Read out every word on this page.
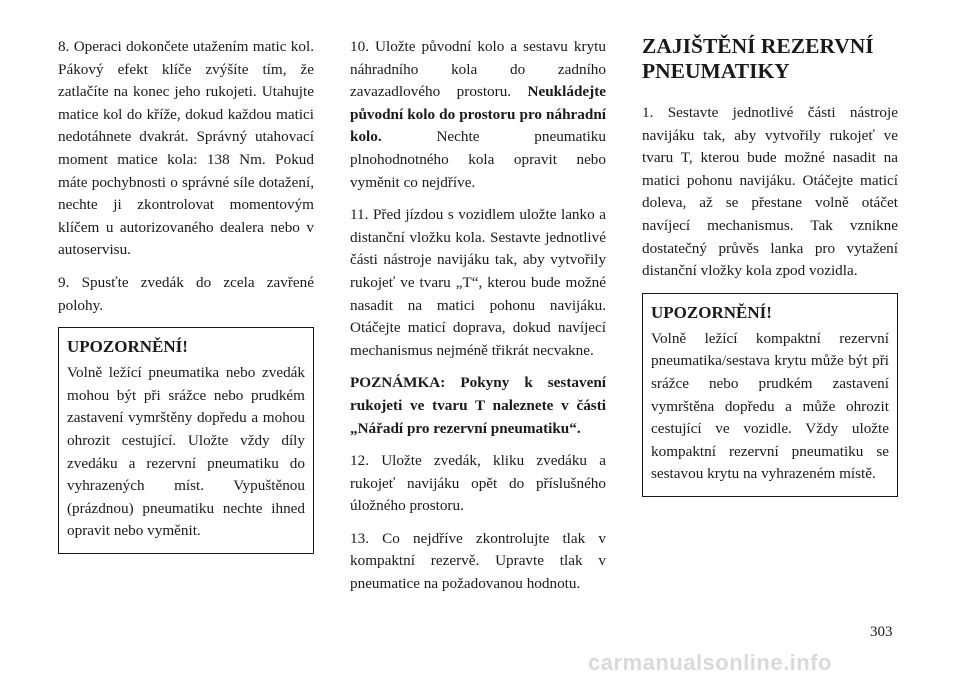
8. Operaci dokončete utažením matic kol. Pákový efekt klíče zvýšíte tím, že zatlačíte na konec jeho rukojeti. Utahujte matice kol do kříže, dokud každou matici nedotáhnete dvakrát. Správný utahovací moment matice kola: 138 Nm. Pokud máte pochybnosti o správné síle dotažení, nechte ji zkontrolovat momentovým klíčem u autorizovaného dealera nebo v autoservisu.

9. Spusťte zvedák do zcela zavřené polohy.

UPOZORNĚNÍ!

Volně ležící pneumatika nebo zvedák mohou být při srážce nebo prudkém zastavení vymrštěny dopředu a mohou ohrozit cestující. Uložte vždy díly zvedáku a rezervní pneumatiku do vyhrazených míst. Vypuštěnou (prázdnou) pneumatiku nechte ihned opravit nebo vyměnit.

10. Uložte původní kolo a sestavu krytu náhradního kola do zadního zavazadlového prostoru. Neukládejte původní kolo do prostoru pro náhradní kolo.	Nechte pneumatiku plnohodnotného kola opravit nebo vyměnit co nejdříve.

11. Před jízdou s vozidlem uložte lanko a distanční vložku kola. Sestavte jednotlivé části nástroje navijáku tak, aby vytvořily rukojeť ve tvaru „T“, kterou bude možné nasadit na matici pohonu navijáku. Otáčejte maticí doprava, dokud navíjecí mechanismus nejméně třikrát necvakne.

POZNÁMKA: Pokyny k sestavení rukojeti ve tvaru T naleznete v části „Nářadí pro rezervní pneumatiku“.

12. Uložte zvedák, kliku zvedáku a rukojeť navijáku opět do příslušného úložného prostoru.

13. Co nejdříve zkontrolujte tlak v kompaktní rezervě. Upravte tlak v pneumatice na požadovanou hodnotu.

ZAJIŠTĚNÍ REZERVNÍ PNEUMATIKY

1. Sestavte jednotlivé části nástroje navijáku tak, aby vytvořily rukojeť ve tvaru T, kterou bude možné nasadit na matici pohonu navijáku. Otáčejte maticí doleva, až se přestane volně otáčet navíjecí mechanismus. Tak vznikne dostatečný průvěs lanka pro vytažení distanční vložky kola zpod vozidla.

UPOZORNĚNÍ!

Volně ležící kompaktní rezervní pneumatika/sestava krytu může být při srážce nebo prudkém zastavení vymrštěna dopředu a může ohrozit cestující ve vozidle. Vždy uložte kompaktní rezervní pneumatiku se sestavou krytu na vyhrazeném místě.

303
carmanualsonline.info
